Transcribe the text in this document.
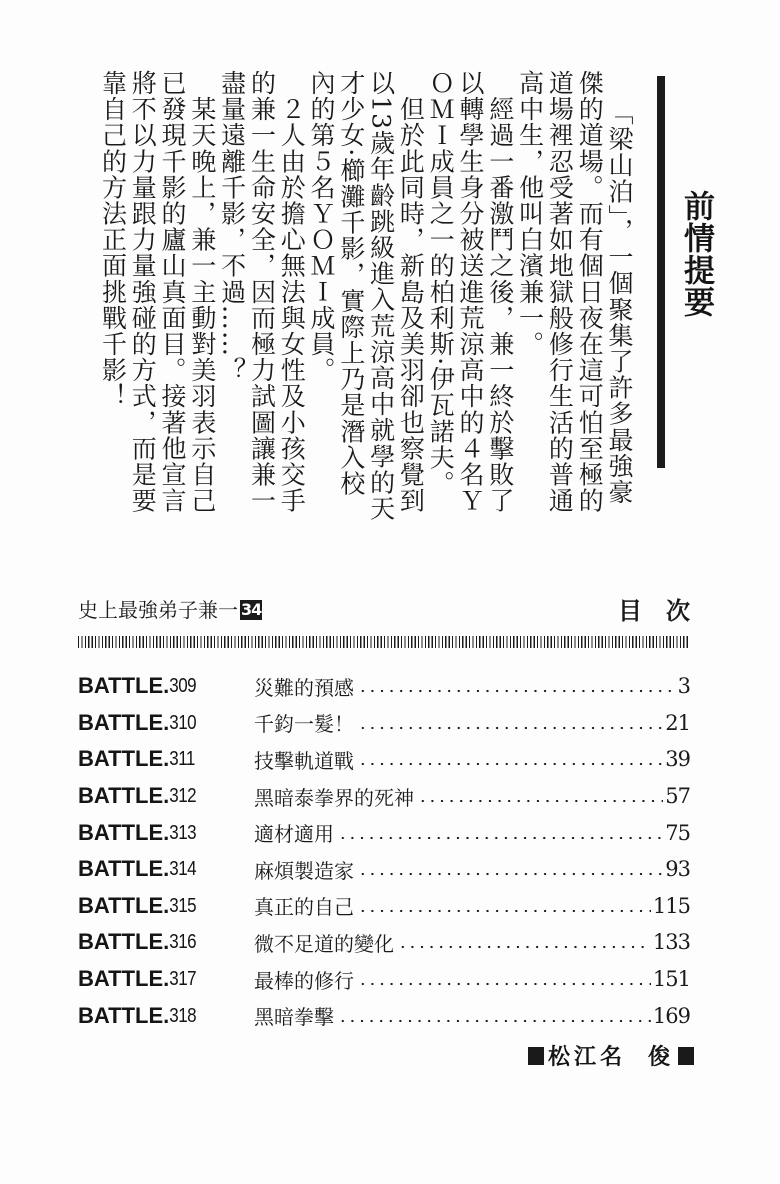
「梁山泊」，一個聚集了許多最強豪
傑的道場。而有個日夜在這可怕至極的
道場裡忍受著如地獄般修行生活的普通
高中生，他叫白濱兼一。
　經過一番激鬥之後，兼一終於擊敗了
以轉學生身分被送進荒涼高中的４名Ｙ
ＯＭＩ成員之一的柏利斯·伊瓦諾夫。
　但於此同時，新島及美羽卻也察覺到
以13歲年齡跳級進入荒涼高中就學的天
才少女·櫛灘千影，實際上乃是潛入校
內的第５名ＹＯＭＩ成員。
　２人由於擔心無法與女性及小孩交手
的兼一生命安全，因而極力試圖讓兼一
盡量遠離千影，不過……？
　某天晚上，兼一主動對美羽表示自己
已發現千影的廬山真面目。接著他宣言
將不以力量跟力量強碰的方式，而是要
靠自己的方法正面挑戰千影！	前情提要
史上最強弟子兼一 34	目次
BATTLE.309	災難的預感	3
BATTLE.310	千鈞一髮！	21
BATTLE.311	技擊軌道戰	39
BATTLE.312	黑暗泰拳界的死神	57
BATTLE.313	適材適用	75
BATTLE.314	麻煩製造家	93
BATTLE.315	真正的自己	115
BATTLE.316	微不足道的變化	133
BATTLE.317	最棒的修行	151
BATTLE.318	黑暗拳擊	169
松江名 俊
